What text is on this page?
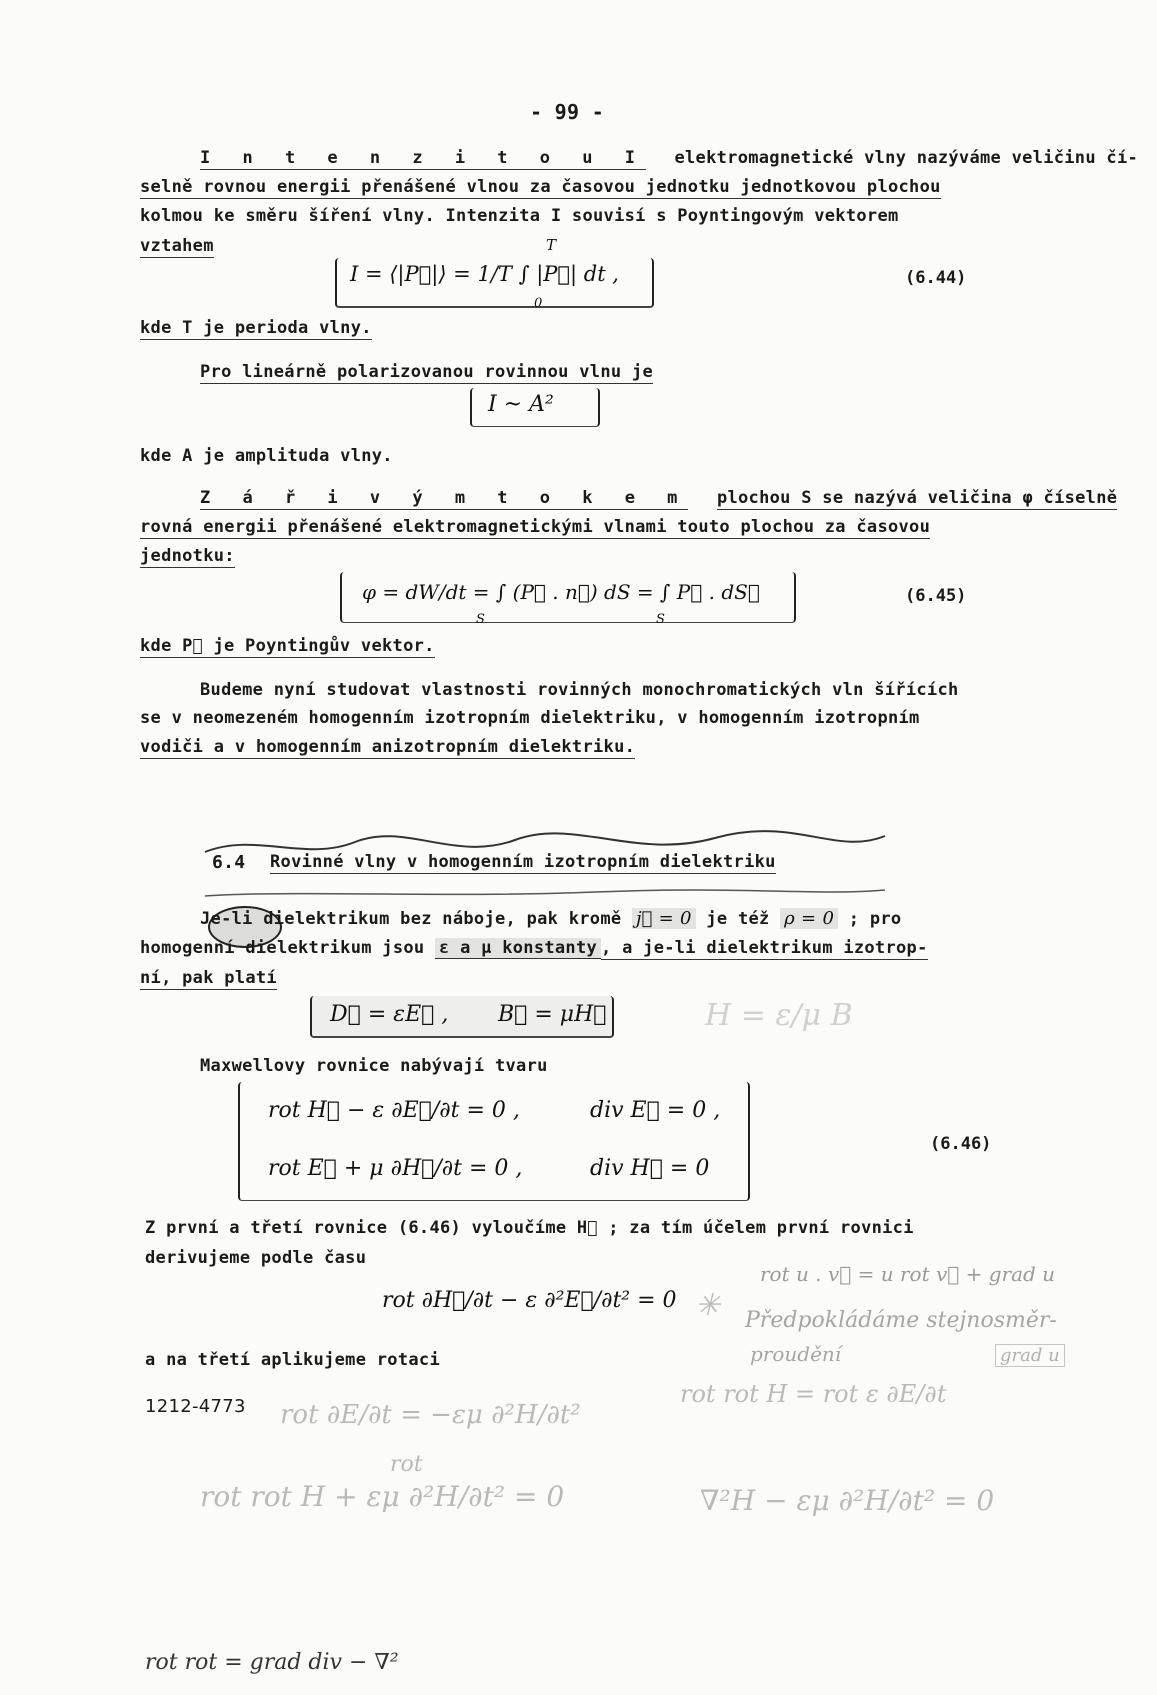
- 99 -
I n t e n z i t o u I elektromagnetické vlny nazýváme veličinu čí-
selně rovnou energii přenášené vlnou za časovou jednotku jednotkovou plochou
kolmou ke směru šíření vlny. Intenzita I souvisí s Poyntingovým vektorem
vztahem
I = ⟨|P⃗|⟩ = 1/T ∫ |P⃗| dt ,
T
0
(6.44)
kde T je perioda vlny.
Pro lineárně polarizovanou rovinnou vlnu je
I ~ A²
kde A je amplituda vlny.
Z á ř i v ý m t o k e m plochou S se nazývá veličina φ číselně
rovná energii přenášené elektromagnetickými vlnami touto plochou za časovou
jednotku:
φ = dW/dt = ∫ (P⃗ . n⃗) dS = ∫ P⃗ . dS⃗
S	S
(6.45)
kde P⃗ je Poyntingův vektor.
Budeme nyní studovat vlastnosti rovinných monochromatických vln šířících
se v neomezeném homogenním izotropním dielektriku, v homogenním izotropním
vodiči a v homogenním anizotropním dielektriku.
6.4 Rovinné vlny v homogenním izotropním dielektriku
Je-li dielektrikum bez náboje, pak kromě j⃗ = 0 je též ρ = 0 ; pro
homogenní dielektrikum jsou ε a μ konstanty , a je-li dielektrikum izotrop-
ní, pak platí
D⃗ = εE⃗ , B⃗ = μH⃗
Maxwellovy rovnice nabývají tvaru
rot H⃗ − ε ∂E⃗/∂t = 0 ,	div E⃗ = 0 ,
rot E⃗ + μ ∂H⃗/∂t = 0 ,	div H⃗ = 0
(6.46)
Z první a třetí rovnice (6.46) vyloučíme H⃗ ; za tím účelem první rovnici
derivujeme podle času
rot ∂H⃗/∂t − ε ∂²E⃗/∂t² = 0
a na třetí aplikujeme rotaci
1212-4773
rot u . v⃗ = u rot v⃗ + grad u
Předpokládáme stejnosměr-
proudění	grad u
rot rot H = rot ε ∂E/∂t
rot ∂E/∂t = −εμ ∂²H/∂t²
rot
rot rot H + εμ ∂²H/∂t² = 0	∇²H − εμ ∂²H/∂t² = 0
rot rot = grad div − ∇²
H = ε/μ B
✳
